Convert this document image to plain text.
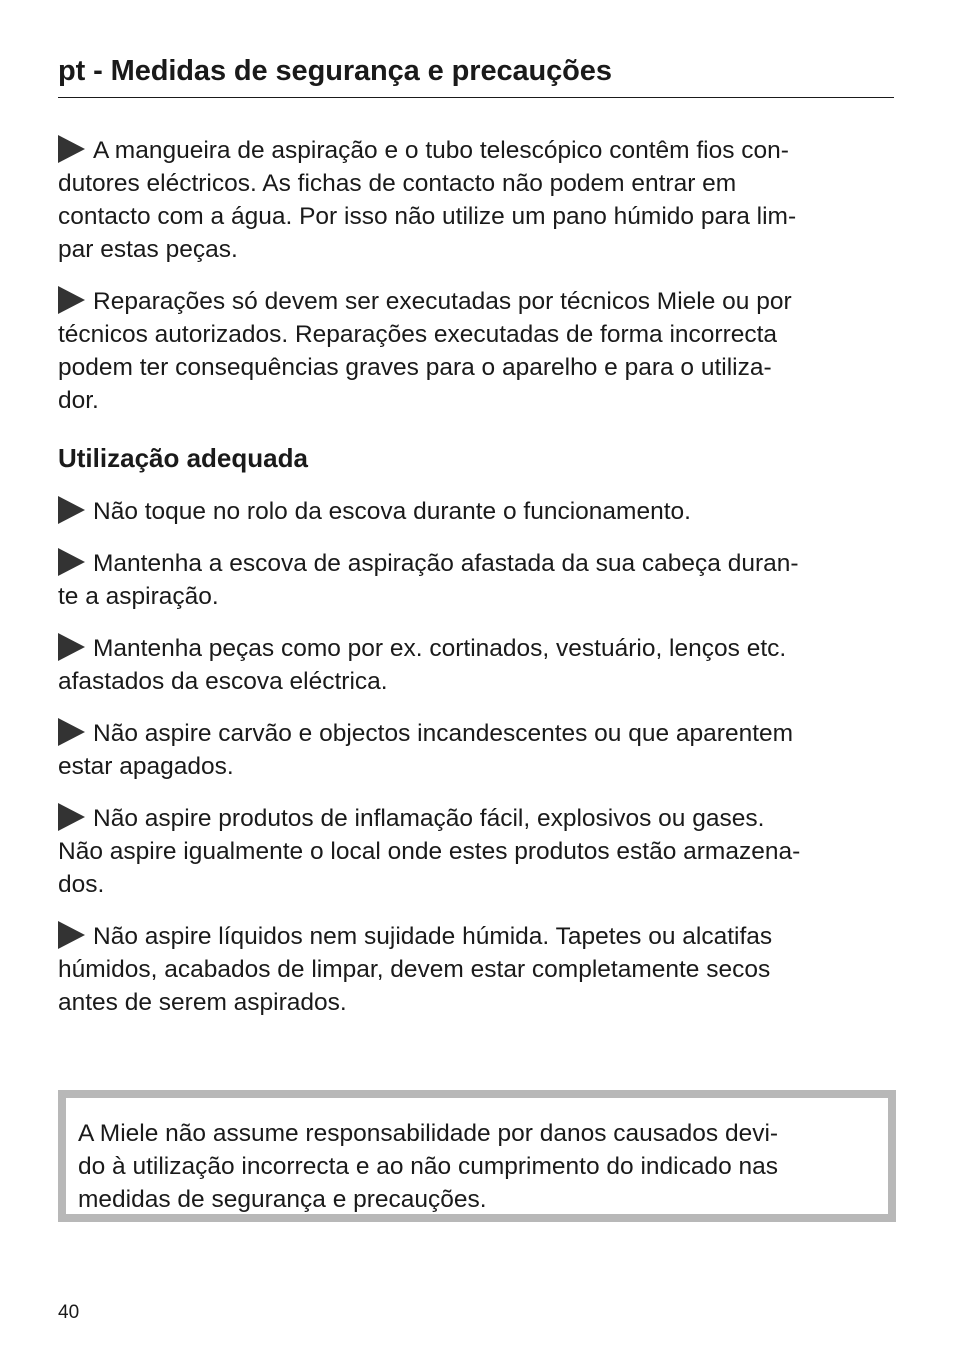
pt - Medidas de segurança e precauções

A mangueira de aspiração e o tubo telescópico contêm fios con-
dutores eléctricos. As fichas de contacto não podem entrar em
contacto com a água. Por isso não utilize um pano húmido para lim-
par estas peças.

Reparações só devem ser executadas por técnicos Miele ou por
técnicos autorizados. Reparações executadas de forma incorrecta
podem ter consequências graves para o aparelho e para o utiliza-
dor.

Utilização adequada

Não toque no rolo da escova durante o funcionamento.

Mantenha a escova de aspiração afastada da sua cabeça duran-
te a aspiração.

Mantenha peças como por ex. cortinados, vestuário, lenços etc.
afastados da escova eléctrica.

Não aspire carvão e objectos incandescentes ou que aparentem
estar apagados.

Não aspire produtos de inflamação fácil, explosivos ou gases.
Não aspire igualmente o local onde estes produtos estão armazena-
dos.

Não aspire líquidos nem sujidade húmida. Tapetes ou alcatifas
húmidos, acabados de limpar, devem estar completamente secos
antes de serem aspirados.

A Miele não assume responsabilidade por danos causados devi-
do à utilização incorrecta e ao não cumprimento do indicado nas
medidas de segurança e precauções.
40
